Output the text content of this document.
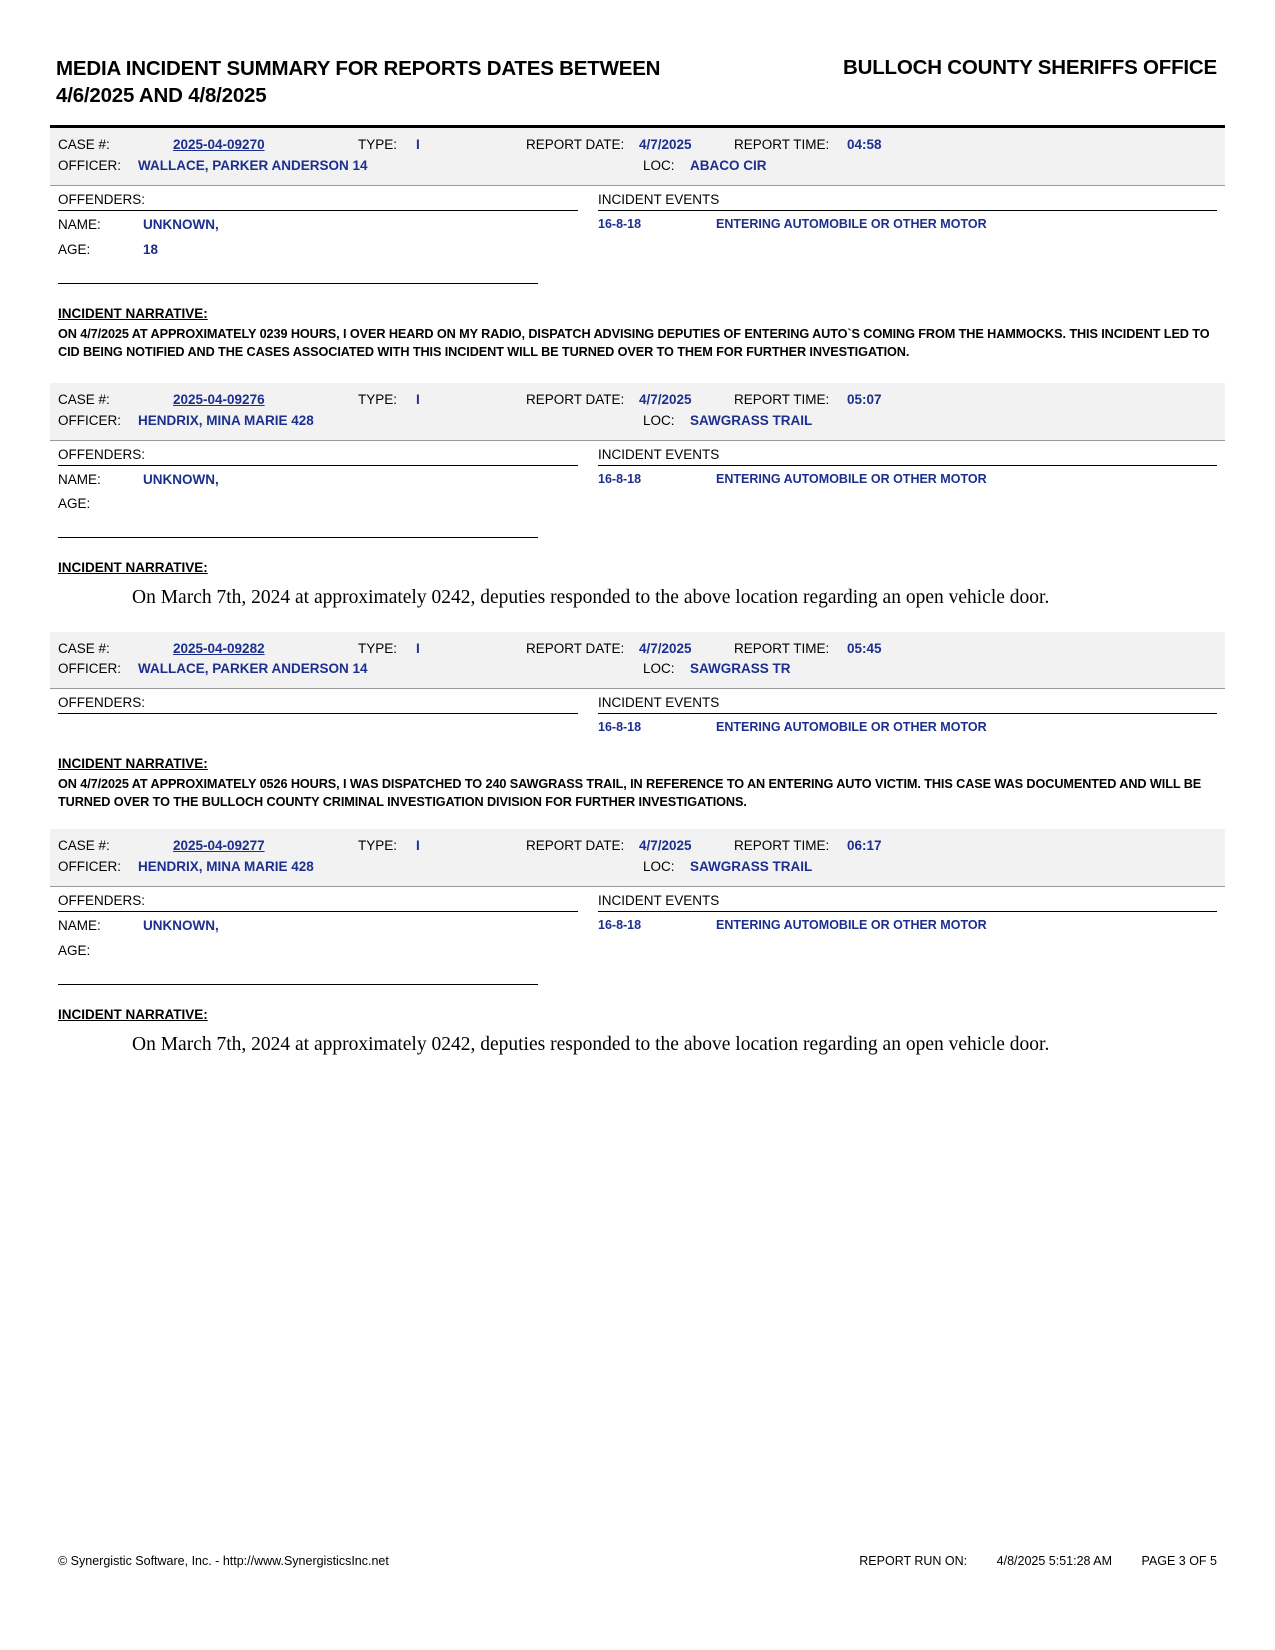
MEDIA INCIDENT SUMMARY FOR REPORTS DATES BETWEEN 4/6/2025 AND 4/8/2025
BULLOCH COUNTY SHERIFFS OFFICE
CASE #:	2025-04-09270	TYPE:	I	REPORT DATE:	4/7/2025	REPORT TIME:	04:58
OFFICER:	WALLACE, PARKER ANDERSON 14	LOC:	ABACO CIR
OFFENDERS:
NAME:	UNKNOWN,
AGE:	18
INCIDENT EVENTS
16-8-18	ENTERING AUTOMOBILE OR OTHER MOTOR
INCIDENT NARRATIVE:
ON 4/7/2025 AT APPROXIMATELY 0239 HOURS, I OVER HEARD ON MY RADIO, DISPATCH ADVISING DEPUTIES OF ENTERING AUTO`S COMING FROM THE HAMMOCKS. THIS INCIDENT LED TO CID BEING NOTIFIED AND THE CASES ASSOCIATED WITH THIS INCIDENT WILL BE TURNED OVER TO THEM FOR FURTHER INVESTIGATION.
CASE #:	2025-04-09276	TYPE:	I	REPORT DATE:	4/7/2025	REPORT TIME:	05:07
OFFICER:	HENDRIX, MINA MARIE 428	LOC:	SAWGRASS TRAIL
OFFENDERS:
NAME:	UNKNOWN,
AGE:
INCIDENT EVENTS
16-8-18	ENTERING AUTOMOBILE OR OTHER MOTOR
INCIDENT NARRATIVE:
On March 7th, 2024 at approximately 0242, deputies responded to the above location regarding an open vehicle door.
CASE #:	2025-04-09282	TYPE:	I	REPORT DATE:	4/7/2025	REPORT TIME:	05:45
OFFICER:	WALLACE, PARKER ANDERSON 14	LOC:	SAWGRASS TR
OFFENDERS:	INCIDENT EVENTS
16-8-18	ENTERING AUTOMOBILE OR OTHER MOTOR
INCIDENT NARRATIVE:
ON 4/7/2025 AT APPROXIMATELY 0526 HOURS, I WAS DISPATCHED TO 240 SAWGRASS TRAIL, IN REFERENCE TO AN ENTERING AUTO VICTIM. THIS CASE WAS DOCUMENTED AND WILL BE TURNED OVER TO THE BULLOCH COUNTY CRIMINAL INVESTIGATION DIVISION FOR FURTHER INVESTIGATIONS.
CASE #:	2025-04-09277	TYPE:	I	REPORT DATE:	4/7/2025	REPORT TIME:	06:17
OFFICER:	HENDRIX, MINA MARIE 428	LOC:	SAWGRASS TRAIL
OFFENDERS:
NAME:	UNKNOWN,
AGE:
INCIDENT EVENTS
16-8-18	ENTERING AUTOMOBILE OR OTHER MOTOR
INCIDENT NARRATIVE:
On March 7th, 2024 at approximately 0242, deputies responded to the above location regarding an open vehicle door.
© Synergistic Software, Inc. - http://www.SynergisticsInc.net	REPORT RUN ON: 4/8/2025 5:51:28 AM PAGE 3 OF 5
